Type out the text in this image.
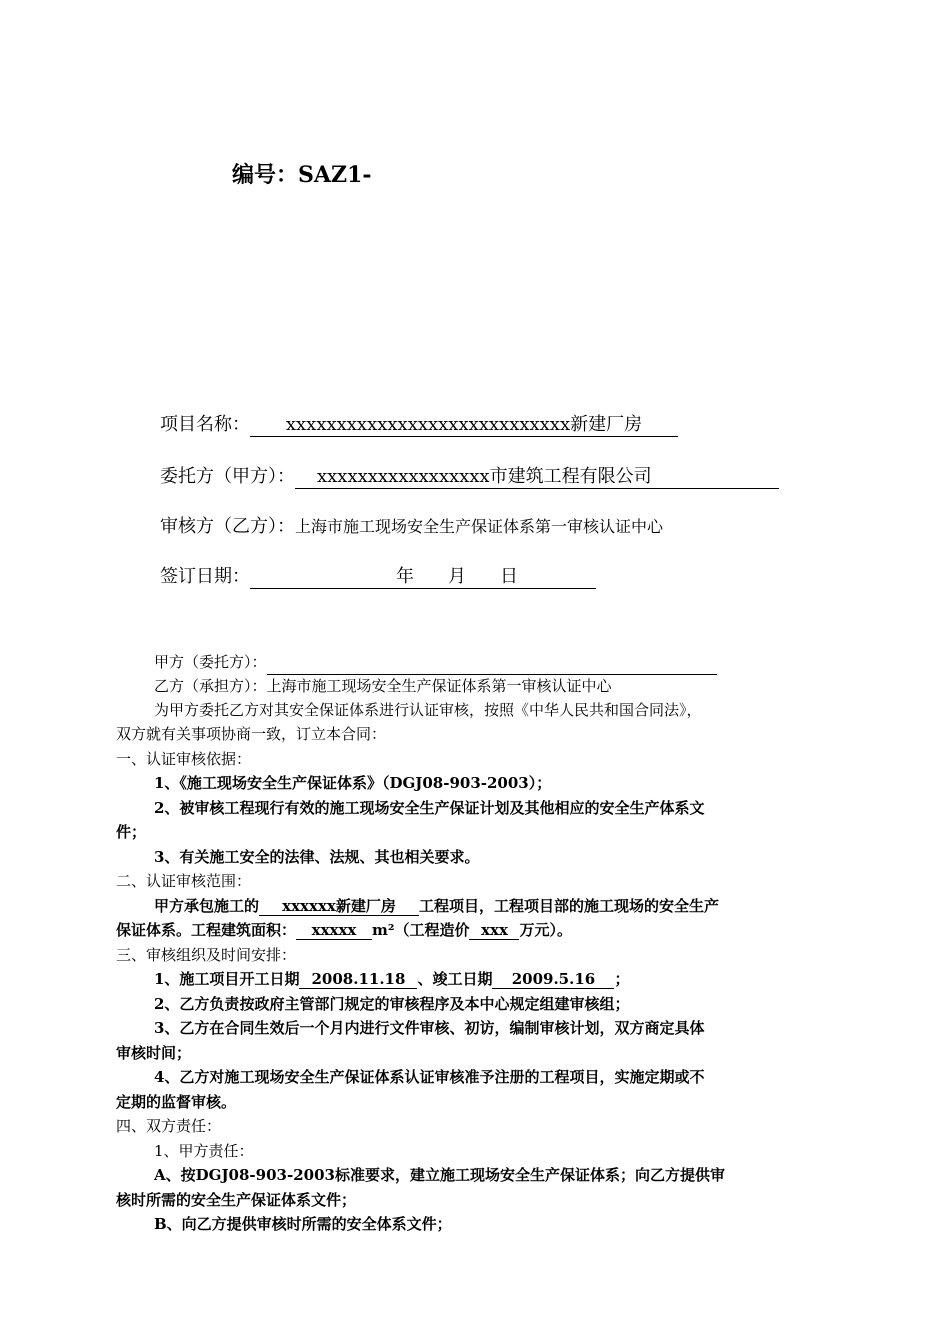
编号：SAZ1-
项目名称： xxxxxxxxxxxxxxxxxxxxxxxxxxxx新建厂房
委托方（甲方）： xxxxxxxxxxxxxxxxx市建筑工程有限公司
审核方（乙方）：上海市施工现场安全生产保证体系第一审核认证中心
签订日期：	年 月 日
甲方（委托方）：
乙方（承担方）：上海市施工现场安全生产保证体系第一审核认证中心
为甲方委托乙方对其安全保证体系进行认证审核，按照《中华人民共和国合同法》，
双方就有关事项协商一致，订立本合同：
一、认证审核依据：
1、《施工现场安全生产保证体系》（DGJ08-903-2003）；
2、被审核工程现行有效的施工现场安全生产保证计划及其他相应的安全生产体系文
件；
3、有关施工安全的法律、法规、其也相关要求。
二、认证审核范围：
甲方承包施工的 xxxxxx新建厂房 工程项目，工程项目部的施工现场的安全生产
保证体系。工程建筑面积： xxxxx m²（工程造价 xxx 万元）。
三、审核组织及时间安排：
1、施工项目开工日期 2008.11.18 、竣工日期 2009.5.16 ；
2、乙方负责按政府主管部门规定的审核程序及本中心规定组建审核组；
3、乙方在合同生效后一个月内进行文件审核、初访，编制审核计划，双方商定具体
审核时间；
4、乙方对施工现场安全生产保证体系认证审核准予注册的工程项目，实施定期或不
定期的监督审核。
四、双方责任：
1、甲方责任：
A、按DGJ08-903-2003标准要求，建立施工现场安全生产保证体系；向乙方提供审
核时所需的安全生产保证体系文件；
B、向乙方提供审核时所需的安全体系文件；
